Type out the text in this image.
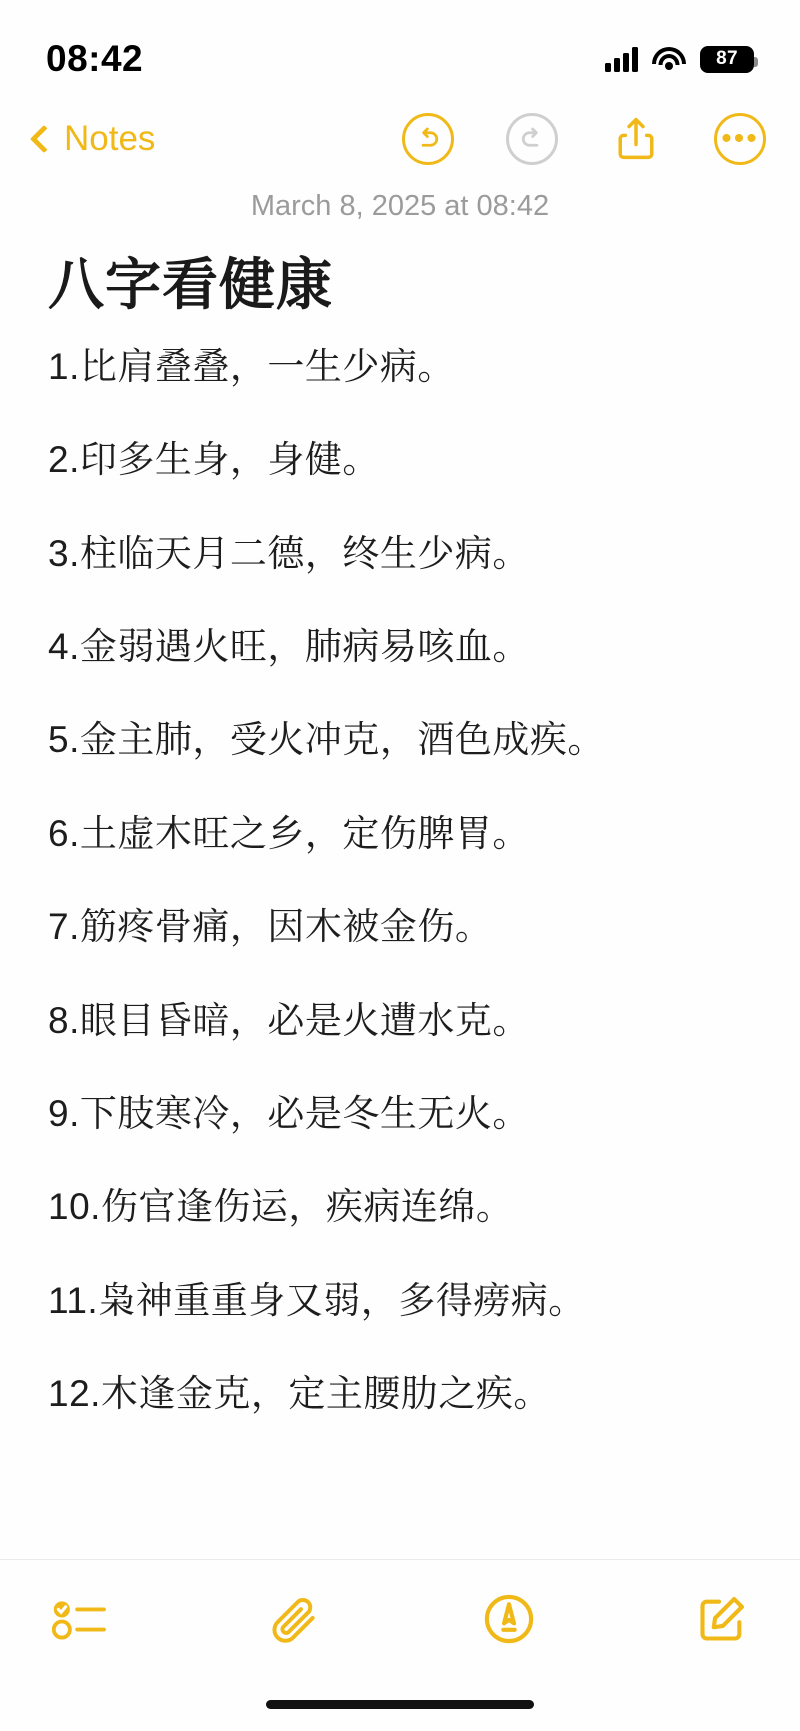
08:42	87
Notes	•••
March 8, 2025 at 08:42
八字看健康
1.比肩叠叠，一生少病。
2.印多生身，身健。
3.柱临天月二德，终生少病。
4.金弱遇火旺，肺病易咳血。
5.金主肺，受火冲克，酒色成疾。
6.土虚木旺之乡，定伤脾胃。
7.筋疼骨痛，因木被金伤。
8.眼目昏暗，必是火遭水克。
9.下肢寒冷，必是冬生无火。
10.伤官逢伤运，疾病连绵。
11.枭神重重身又弱，多得痨病。
12.木逢金克，定主腰肋之疾。
